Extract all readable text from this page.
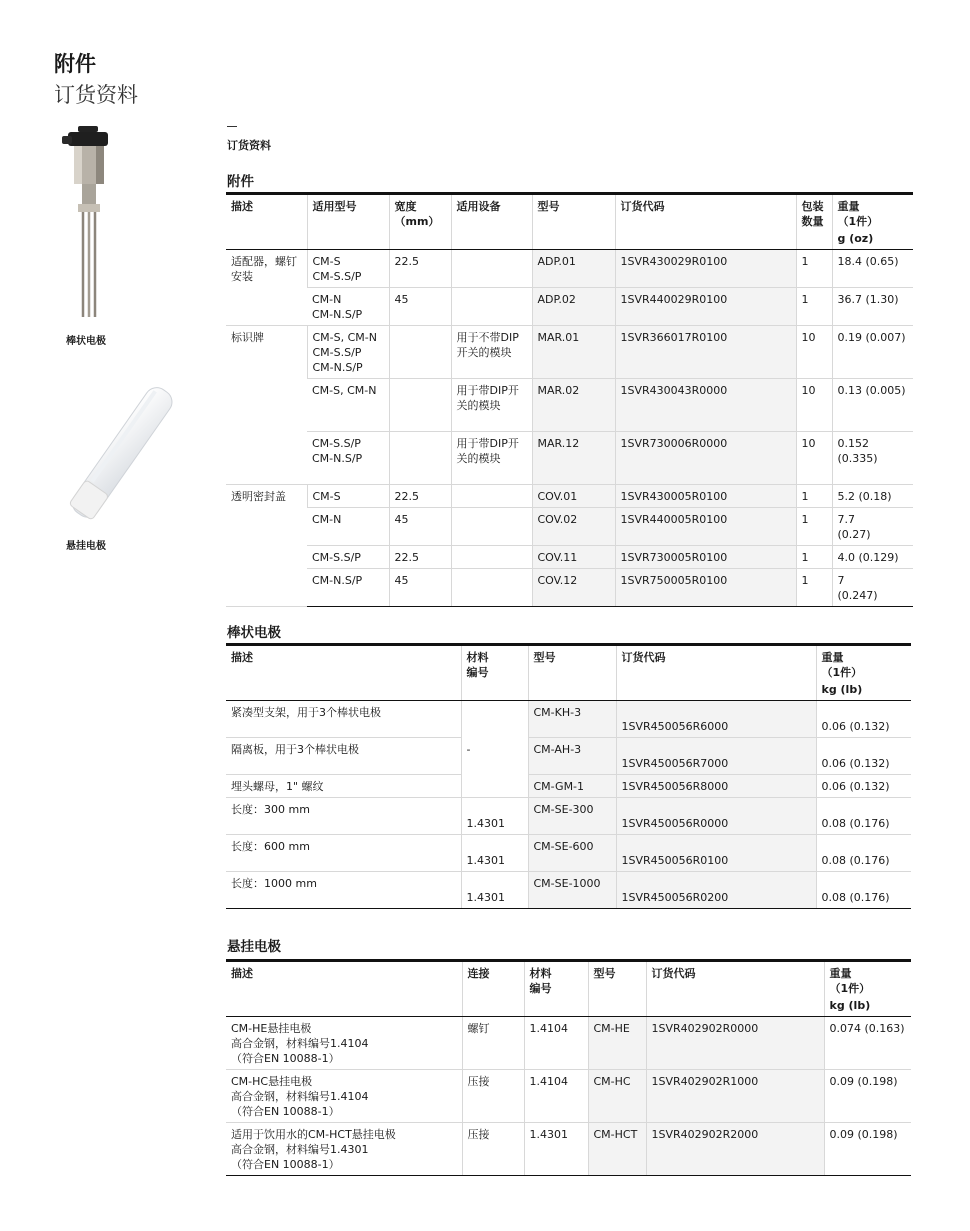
附件
订货资料
棒状电极
悬挂电极
订货资料
附件
描述	适用型号	宽度
（mm）	适用设备	型号	订货代码	包装
数量	重量
（1件）
							g (oz)
适配器，螺钉
安装	CM-S
CM-S.S/P	22.5		ADP.01	1SVR430029R0100	1	18.4 (0.65)
	CM-N
CM-N.S/P	45		ADP.02	1SVR440029R0100	1	36.7 (1.30)
标识牌	CM-S, CM-N
CM-S.S/P
CM-N.S/P		用于不带DIP
开关的模块	MAR.01	1SVR366017R0100	10	0.19 (0.007)
	CM-S, CM-N		用于带DIP开
关的模块	MAR.02	1SVR430043R0000	10	0.13 (0.005)
	CM-S.S/P
CM-N.S/P		用于带DIP开
关的模块	MAR.12	1SVR730006R0000	10	0.152
(0.335)
透明密封盖	CM-S	22.5		COV.01	1SVR430005R0100	1	5.2 (0.18)
	CM-N	45		COV.02	1SVR440005R0100	1	7.7
(0.27)
	CM-S.S/P	22.5		COV.11	1SVR730005R0100	1	4.0 (0.129)
	CM-N.S/P	45		COV.12	1SVR750005R0100	1	7
(0.247)
棒状电极
描述	材料
编号	型号	订货代码	重量
（1件）
				kg (lb)
紧凑型支架，用于3个棒状电极	-	CM-KH-3	1SVR450056R6000	0.06 (0.132)
隔离板，用于3个棒状电极		CM-AH-3	1SVR450056R7000	0.06 (0.132)
埋头螺母，1" 螺纹		CM-GM-1	1SVR450056R8000	0.06 (0.132)
长度：300 mm	1.4301	CM-SE-300	1SVR450056R0000	0.08 (0.176)
长度：600 mm	1.4301	CM-SE-600	1SVR450056R0100	0.08 (0.176)
长度：1000 mm	1.4301	CM-SE-1000	1SVR450056R0200	0.08 (0.176)
悬挂电极
描述	连接	材料
编号	型号	订货代码	重量
（1件）
					kg (lb)
CM-HE悬挂电极
高合金钢，材料编号1.4104
（符合EN 10088-1）	螺钉	1.4104	CM-HE	1SVR402902R0000	0.074 (0.163)
CM-HC悬挂电极
高合金钢，材料编号1.4104
（符合EN 10088-1）	压接	1.4104	CM-HC	1SVR402902R1000	0.09 (0.198)
适用于饮用水的CM-HCT悬挂电极
高合金钢，材料编号1.4301
（符合EN 10088-1）	压接	1.4301	CM-HCT	1SVR402902R2000	0.09 (0.198)
